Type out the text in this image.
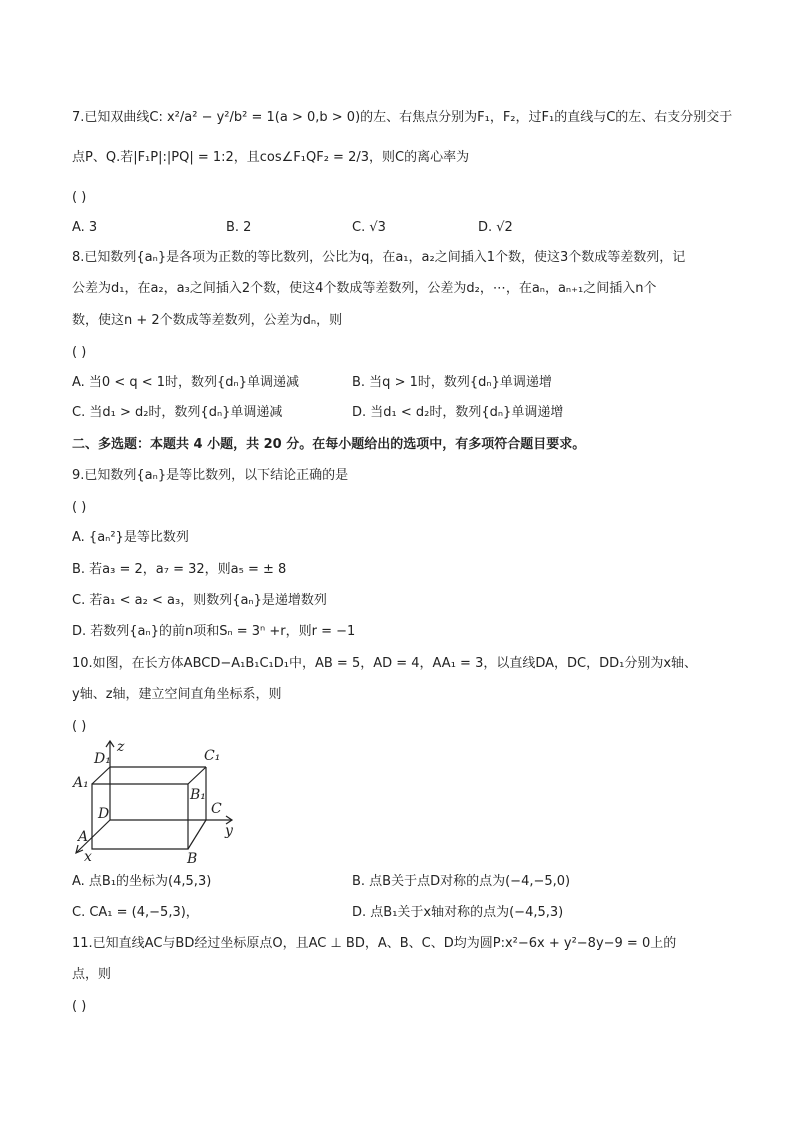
7.已知双曲线C: x²/a² − y²/b² = 1(a > 0,b > 0)的左、右焦点分别为F₁，F₂，过F₁的直线与C的左、右支分别交于
点P、Q.若|F₁P|:|PQ| = 1:2，且cos∠F₁QF₂ = 2/3，则C的离心率为
( )
A. 3	B. 2	C. √3	D. √2
8.已知数列{aₙ}是各项为正数的等比数列，公比为q，在a₁，a₂之间插入1个数，使这3个数成等差数列，记
公差为d₁，在a₂，a₃之间插入2个数，使这4个数成等差数列，公差为d₂，⋯，在aₙ，aₙ₊₁之间插入n个
数，使这n + 2个数成等差数列，公差为dₙ，则
( )
A. 当0 < q < 1时，数列{dₙ}单调递减	B. 当q > 1时，数列{dₙ}单调递增
C. 当d₁ > d₂时，数列{dₙ}单调递减	D. 当d₁ < d₂时，数列{dₙ}单调递增
二、多选题：本题共 4 小题，共 20 分。在每小题给出的选项中，有多项符合题目要求。
9.已知数列{aₙ}是等比数列，以下结论正确的是
( )
A. {aₙ²}是等比数列
B. 若a₃ = 2，a₇ = 32，则a₅ = ± 8
C. 若a₁ < a₂ < a₃，则数列{aₙ}是递增数列
D. 若数列{aₙ}的前n项和Sₙ = 3ⁿ +r，则r = −1
10.如图，在长方体ABCD−A₁B₁C₁D₁中，AB = 5，AD = 4，AA₁ = 3，以直线DA，DC，DD₁分别为x轴、
y轴、z轴，建立空间直角坐标系，则
( )
D₁
z
C₁
A₁
B₁
C
D
y
A
B
x
A. 点B₁的坐标为(4,5,3)	B. 点B关于点D对称的点为(−4,−5,0)
C. CA₁ = (4,−5,3)，	D. 点B₁关于x轴对称的点为(−4,5,3)
11.已知直线AC与BD经过坐标原点O，且AC ⊥ BD，A、B、C、D均为圆P:x²−6x + y²−8y−9 = 0上的
点，则
( )
